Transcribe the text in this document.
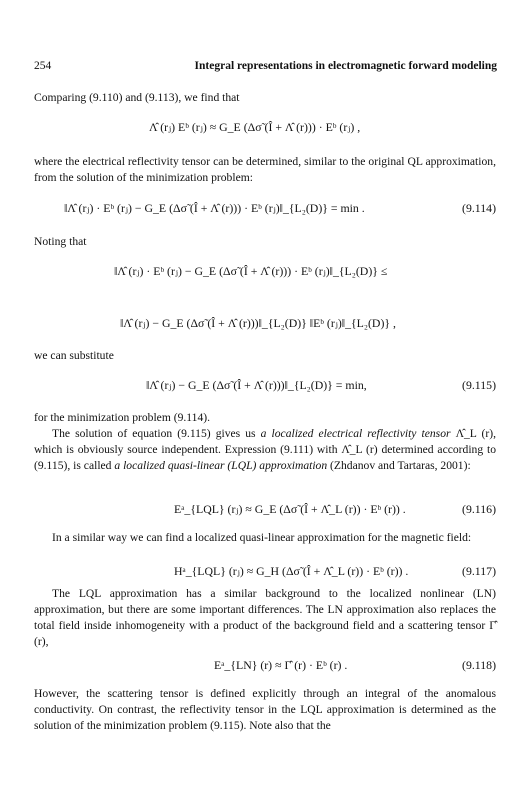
254	Integral representations in electromagnetic forward modeling

Comparing (9.110) and (9.113), we find that

Λ̂ (rⱼ) Eᵇ (rⱼ) ≈ G_E (Δσ̃ (Î + Λ̂ (r))) · Eᵇ (rⱼ) ,

where the electrical reflectivity tensor can be determined, similar to the original QL approximation, from the solution of the minimization problem:

‖Λ̂ (rⱼ) · Eᵇ (rⱼ) − G_E (Δσ̃ (Î + Λ̂ (r))) · Eᵇ (rⱼ)‖_{L₂(D)} = min .	(9.114)

Noting that

‖Λ̂ (rⱼ) · Eᵇ (rⱼ) − G_E (Δσ̃ (Î + Λ̂ (r))) · Eᵇ (rⱼ)‖_{L₂(D)} ≤
‖Λ̂ (rⱼ) − G_E (Δσ̃ (Î + Λ̂ (r)))‖_{L₂(D)} ‖Eᵇ (rⱼ)‖_{L₂(D)} ,

we can substitute

‖Λ̂ (rⱼ) − G_E (Δσ̃ (Î + Λ̂ (r)))‖_{L₂(D)} = min,	(9.115)

for the minimization problem (9.114).

The solution of equation (9.115) gives us a localized electrical reflectivity tensor Λ̂_L (r), which is obviously source independent. Expression (9.111) with Λ̂_L (r) determined according to (9.115), is called a localized quasi-linear (LQL) approximation (Zhdanov and Tartaras, 2001):

Eᵃ_{LQL} (rⱼ) ≈ G_E (Δσ̃ (Î + Λ̂_L (r)) · Eᵇ (r)) .	(9.116)

In a similar way we can find a localized quasi-linear approximation for the magnetic field:

Hᵃ_{LQL} (rⱼ) ≈ G_H (Δσ̃ (Î + Λ̂_L (r)) · Eᵇ (r)) .	(9.117)

The LQL approximation has a similar background to the localized nonlinear (LN) approximation, but there are some important differences. The LN approximation also replaces the total field inside inhomogeneity with a product of the background field and a scattering tensor Γ̂ (r),

Eᵃ_{LN} (r) ≈ Γ̂ (r) · Eᵇ (r) .	(9.118)

However, the scattering tensor is defined explicitly through an integral of the anomalous conductivity. On contrast, the reflectivity tensor in the LQL approximation is determined as the solution of the minimization problem (9.115). Note also that the
